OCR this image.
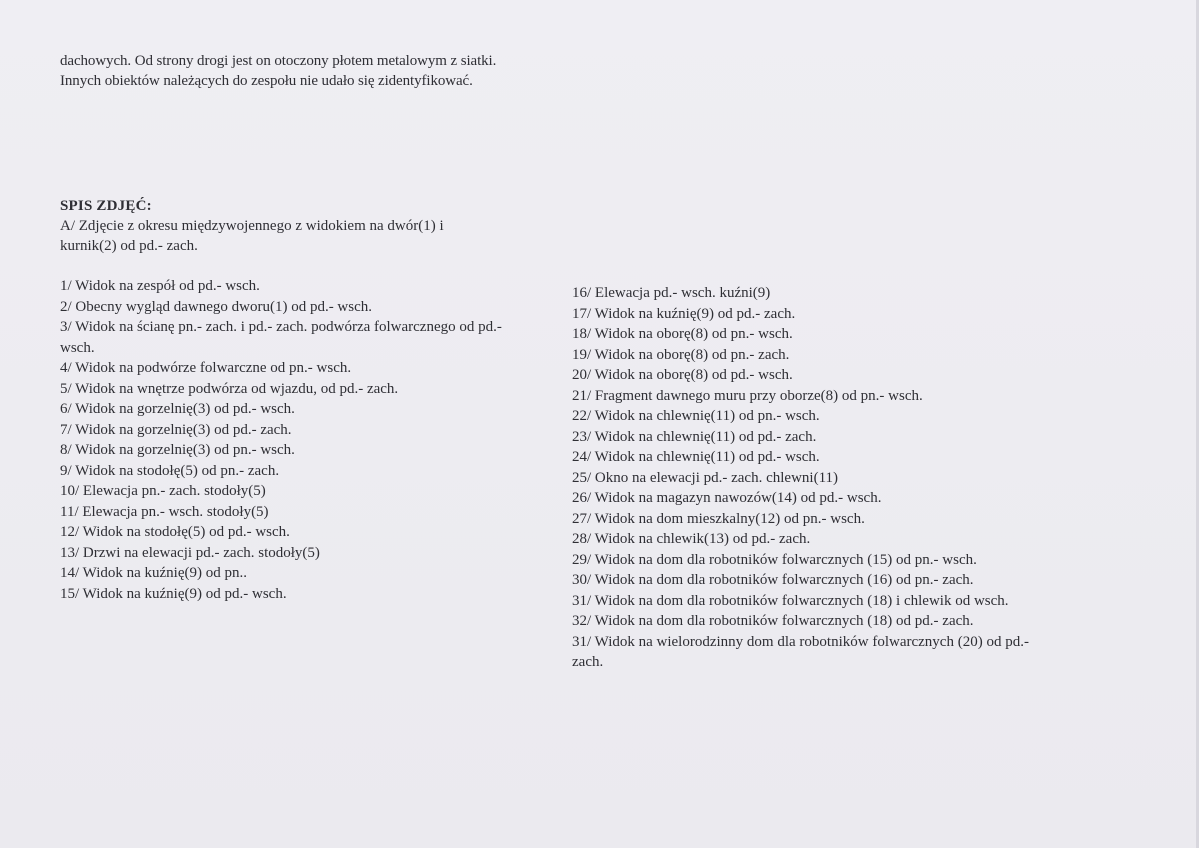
dachowych. Od strony drogi jest on otoczony płotem metalowym z siatki.
Innych obiektów należących do zespołu nie udało się zidentyfikować.
SPIS ZDJĘĆ:
A/ Zdjęcie z okresu międzywojennego z widokiem na dwór(1) i
kurnik(2) od pd.- zach.
1/ Widok na zespół od pd.- wsch.
2/ Obecny wygląd dawnego dworu(1) od pd.- wsch.
3/ Widok na ścianę pn.- zach. i pd.- zach. podwórza folwarcznego od pd.-
wsch.
4/ Widok na podwórze folwarczne od pn.- wsch.
5/ Widok na wnętrze podwórza od wjazdu, od pd.- zach.
6/ Widok na gorzelnię(3) od pd.- wsch.
7/ Widok na gorzelnię(3) od pd.- zach.
8/ Widok na gorzelnię(3) od pn.- wsch.
9/ Widok na stodołę(5) od pn.- zach.
10/ Elewacja pn.- zach. stodoły(5)
11/ Elewacja pn.- wsch. stodoły(5)
12/ Widok na stodołę(5) od pd.- wsch.
13/ Drzwi na elewacji pd.- zach. stodoły(5)
14/ Widok na kuźnię(9) od pn..
15/ Widok na kuźnię(9) od pd.- wsch.
16/ Elewacja pd.- wsch. kuźni(9)
17/ Widok na kuźnię(9) od pd.- zach.
18/ Widok na oborę(8) od pn.- wsch.
19/ Widok na oborę(8) od pn.- zach.
20/ Widok na oborę(8) od pd.- wsch.
21/ Fragment dawnego muru przy oborze(8) od pn.- wsch.
22/ Widok na chlewnię(11) od pn.- wsch.
23/ Widok na chlewnię(11) od pd.- zach.
24/ Widok na chlewnię(11) od pd.- wsch.
25/ Okno na elewacji pd.- zach. chlewni(11)
26/ Widok na magazyn nawozów(14) od pd.- wsch.
27/ Widok na dom mieszkalny(12) od pn.- wsch.
28/ Widok na chlewik(13) od pd.- zach.
29/ Widok na dom dla robotników folwarcznych (15) od pn.- wsch.
30/ Widok na dom dla robotników folwarcznych (16) od pn.- zach.
31/ Widok na dom dla robotników folwarcznych (18) i chlewik od wsch.
32/ Widok na dom dla robotników folwarcznych (18) od pd.- zach.
31/ Widok na wielorodzinny dom dla robotników folwarcznych (20) od pd.-
zach.
